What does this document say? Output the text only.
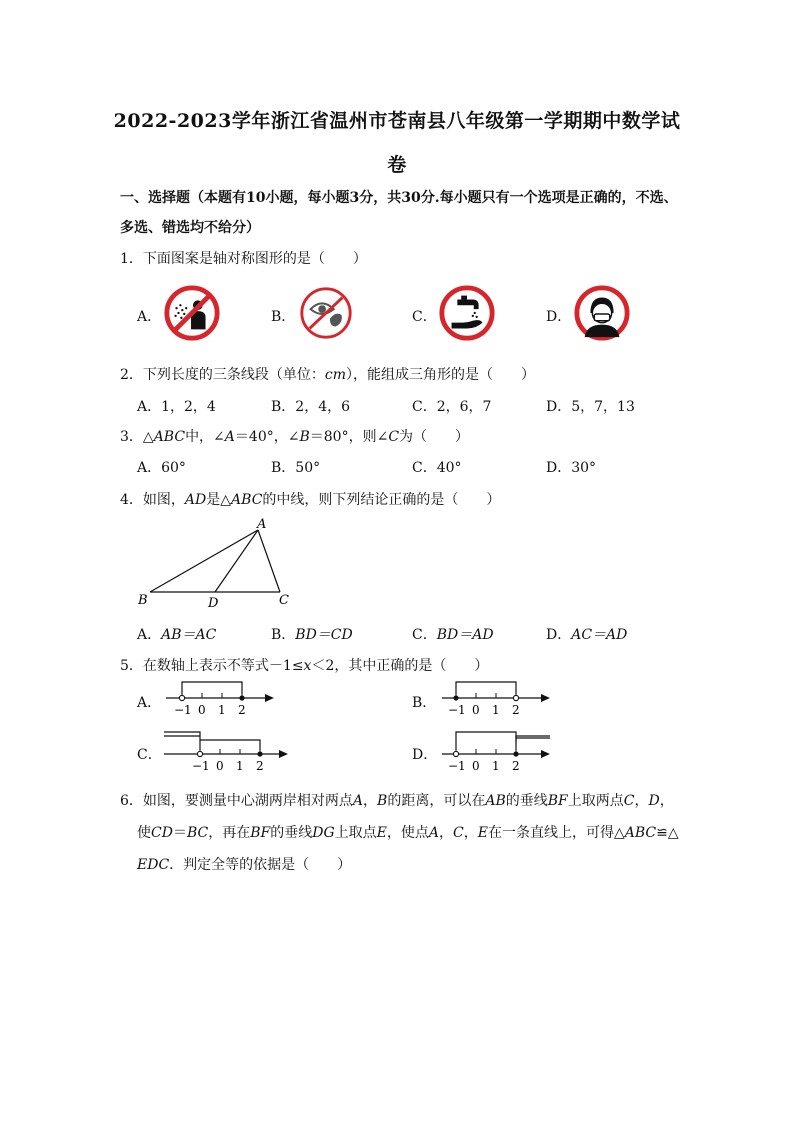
2022-2023学年浙江省温州市苍南县八年级第一学期期中数学试
卷
一、选择题（本题有10小题，每小题3分，共30分.每小题只有一个选项是正确的，不选、
多选、错选均不给分）
1．下面图案是轴对称图形的是（　　）
A．	B．	C．	D．
2．下列长度的三条线段（单位：cm），能组成三角形的是（　　）
A．1，2，4	B．2，4，6	C．2，6，7	D．5，7，13
3．△ABC中，∠A＝40°，∠B＝80°，则∠C为（　　）
A．60°	B．50°	C．40°	D．30°
4．如图，AD是△ABC的中线，则下列结论正确的是（　　）
A
B	C
D
A．AB＝AC	B．BD＝CD	C．BD＝AD	D．AC＝AD
5．在数轴上表示不等式－1≤x＜2，其中正确的是（　　）
A．	B．
C．	D．
−1 0 1 2	−1 0 1 2
−1 0 1 2	−1 0 1 2
6．如图，要测量中心湖两岸相对两点A，B的距离，可以在AB的垂线BF上取两点C，D，
使CD＝BC，再在BF的垂线DG上取点E，使点A，C，E在一条直线上，可得△ABC≌△
EDC．判定全等的依据是（　　）
